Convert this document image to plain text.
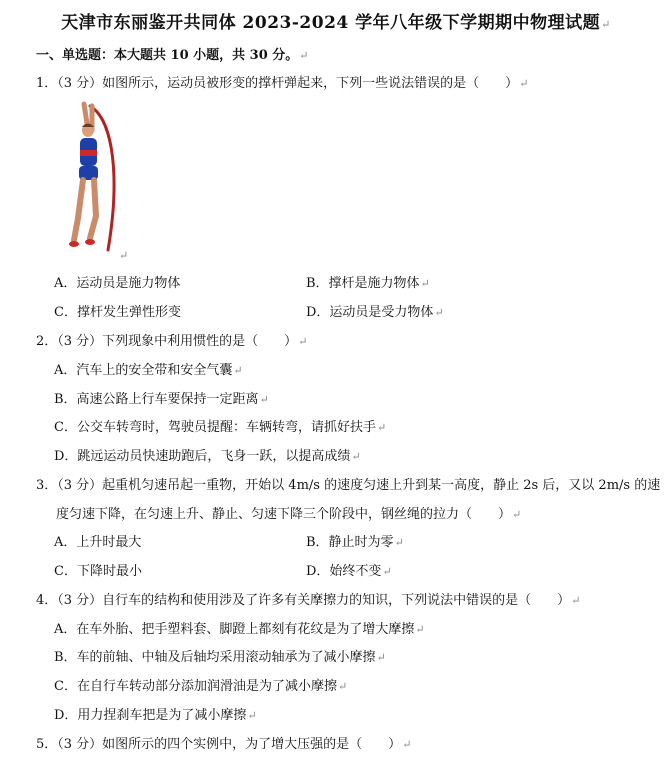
天津市东丽鉴开共同体 2023-2024 学年八年级下学期期中物理试题↵
一、单选题：本大题共 10 小题，共 30 分。↵
1．（3 分）如图所示，运动员被形变的撑杆弹起来，下列一些说法错误的是（　　）↵
↵
A．运动员是施力物体	B．撑杆是施力物体↵
C．撑杆发生弹性形变	D．运动员是受力物体↵
2．（3 分）下列现象中利用惯性的是（　　）↵
A．汽车上的安全带和安全气囊↵
B．高速公路上行车要保持一定距离↵
C．公交车转弯时，驾驶员提醒：车辆转弯，请抓好扶手↵
D．跳远运动员快速助跑后，飞身一跃，以提高成绩↵
3．（3 分）起重机匀速吊起一重物，开始以 4m/s 的速度匀速上升到某一高度，静止 2s 后，又以 2m/s 的速
度匀速下降，在匀速上升、静止、匀速下降三个阶段中，钢丝绳的拉力（　　）↵
A．上升时最大	B．静止时为零↵
C．下降时最小	D．始终不变↵
4．（3 分）自行车的结构和使用涉及了许多有关摩擦力的知识，下列说法中错误的是（　　）↵
A．在车外胎、把手塑料套、脚蹬上都刻有花纹是为了增大摩擦↵
B．车的前轴、中轴及后轴均采用滚动轴承为了减小摩擦↵
C．在自行车转动部分添加润滑油是为了减小摩擦↵
D．用力捏刹车把是为了减小摩擦↵
5．（3 分）如图所示的四个实例中，为了增大压强的是（　　）↵
